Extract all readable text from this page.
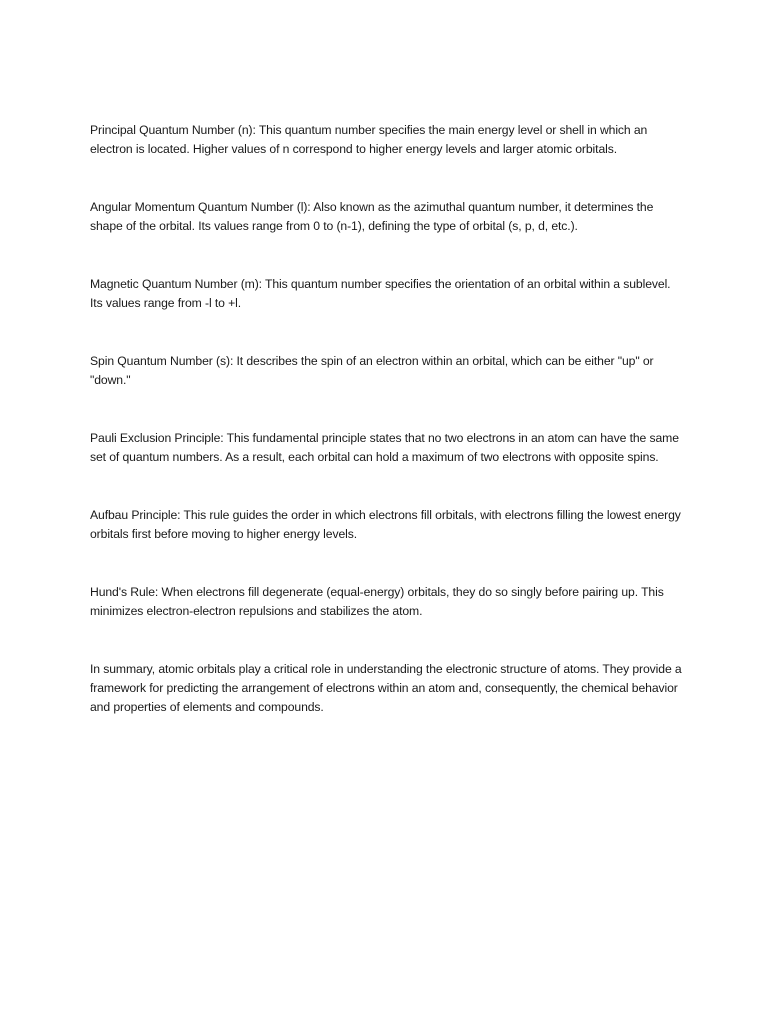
Principal Quantum Number (n): This quantum number specifies the main energy level or shell in which an electron is located. Higher values of n correspond to higher energy levels and larger atomic orbitals.

Angular Momentum Quantum Number (l): Also known as the azimuthal quantum number, it determines the shape of the orbital. Its values range from 0 to (n-1), defining the type of orbital (s, p, d, etc.).

Magnetic Quantum Number (m): This quantum number specifies the orientation of an orbital within a sublevel. Its values range from -l to +l.

Spin Quantum Number (s): It describes the spin of an electron within an orbital, which can be either "up" or "down."

Pauli Exclusion Principle: This fundamental principle states that no two electrons in an atom can have the same set of quantum numbers. As a result, each orbital can hold a maximum of two electrons with opposite spins.

Aufbau Principle: This rule guides the order in which electrons fill orbitals, with electrons filling the lowest energy orbitals first before moving to higher energy levels.

Hund's Rule: When electrons fill degenerate (equal-energy) orbitals, they do so singly before pairing up. This minimizes electron-electron repulsions and stabilizes the atom.

In summary, atomic orbitals play a critical role in understanding the electronic structure of atoms. They provide a framework for predicting the arrangement of electrons within an atom and, consequently, the chemical behavior and properties of elements and compounds.
